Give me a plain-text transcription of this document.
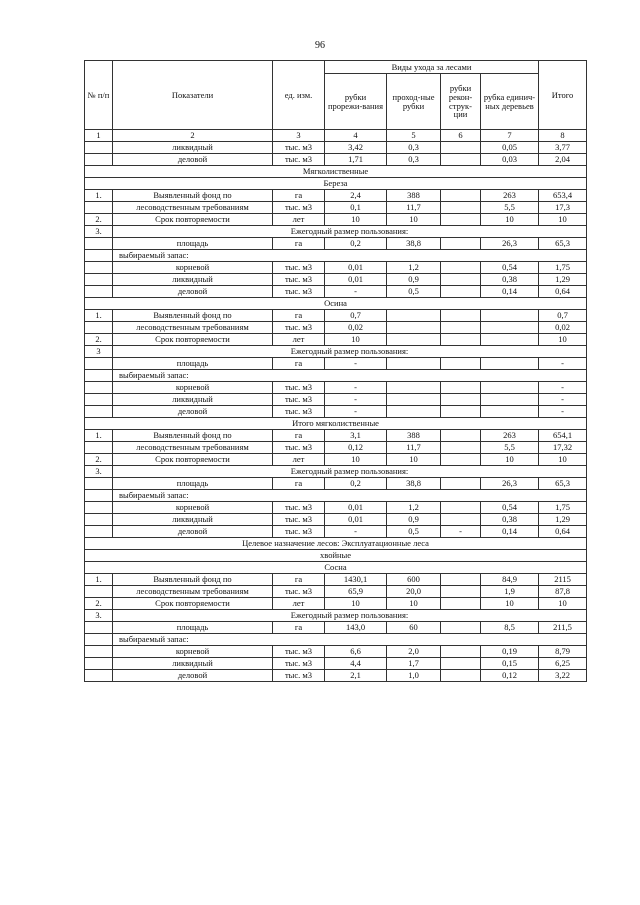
96
№ п/п	Показатели	ед. изм.	Виды ухода за лесами				Итого
			рубки прорежи-вания	проход-ные рубки	рубки рекон-струк-ции	рубка единич-ных деревьев	
1	2	3	4	5	6	7	8
	ликвидный	тыс. м3	3,42	0,3		0,05	3,77
	деловой	тыс. м3	1,71	0,3		0,03	2,04
Мягколиственные							
Береза							
1.	Выявленный фонд по	га	2,4	388		263	653,4
	лесоводственным требованиям	тыс. м3	0,1	11,7		5,5	17,3
2.	Срок повторяемости	лет	10	10		10	10
3.	Ежегодный размер пользования:						
	площадь	га	0,2	38,8		26,3	65,3
	выбираемый запас:						
	корневой	тыс. м3	0,01	1,2		0,54	1,75
	ликвидный	тыс. м3	0,01	0,9		0,38	1,29
	деловой	тыс. м3	-	0,5		0,14	0,64
Осина							
1.	Выявленный фонд по	га	0,7				0,7
	лесоводственным требованиям	тыс. м3	0,02				0,02
2.	Срок повторяемости	лет	10				10
3	Ежегодный размер пользования:						
	площадь	га	-				-
	выбираемый запас:						
	корневой	тыс. м3	-				-
	ликвидный	тыс. м3	-				-
	деловой	тыс. м3	-				-
Итого мягколиственные							
1.	Выявленный фонд по	га	3,1	388		263	654,1
	лесоводственным требованиям	тыс. м3	0,12	11,7		5,5	17,32
2.	Срок повторяемости	лет	10	10		10	10
3.	Ежегодный размер пользования:						
	площадь	га	0,2	38,8		26,3	65,3
	выбираемый запас:						
	корневой	тыс. м3	0,01	1,2		0,54	1,75
	ликвидный	тыс. м3	0,01	0,9		0,38	1,29
	деловой	тыс. м3	-	0,5	-	0,14	0,64
Целевое назначение лесов: Эксплуатационные леса							
хвойные							
Сосна							
1.	Выявленный фонд по	га	1430,1	600		84,9	2115
	лесоводственным требованиям	тыс. м3	65,9	20,0		1,9	87,8
2.	Срок повторяемости	лет	10	10		10	10
3.	Ежегодный размер пользования:						
	площадь	га	143,0	60		8,5	211,5
	выбираемый запас:						
	корневой	тыс. м3	6,6	2,0		0,19	8,79
	ликвидный	тыс. м3	4,4	1,7		0,15	6,25
	деловой	тыс. м3	2,1	1,0		0,12	3,22
